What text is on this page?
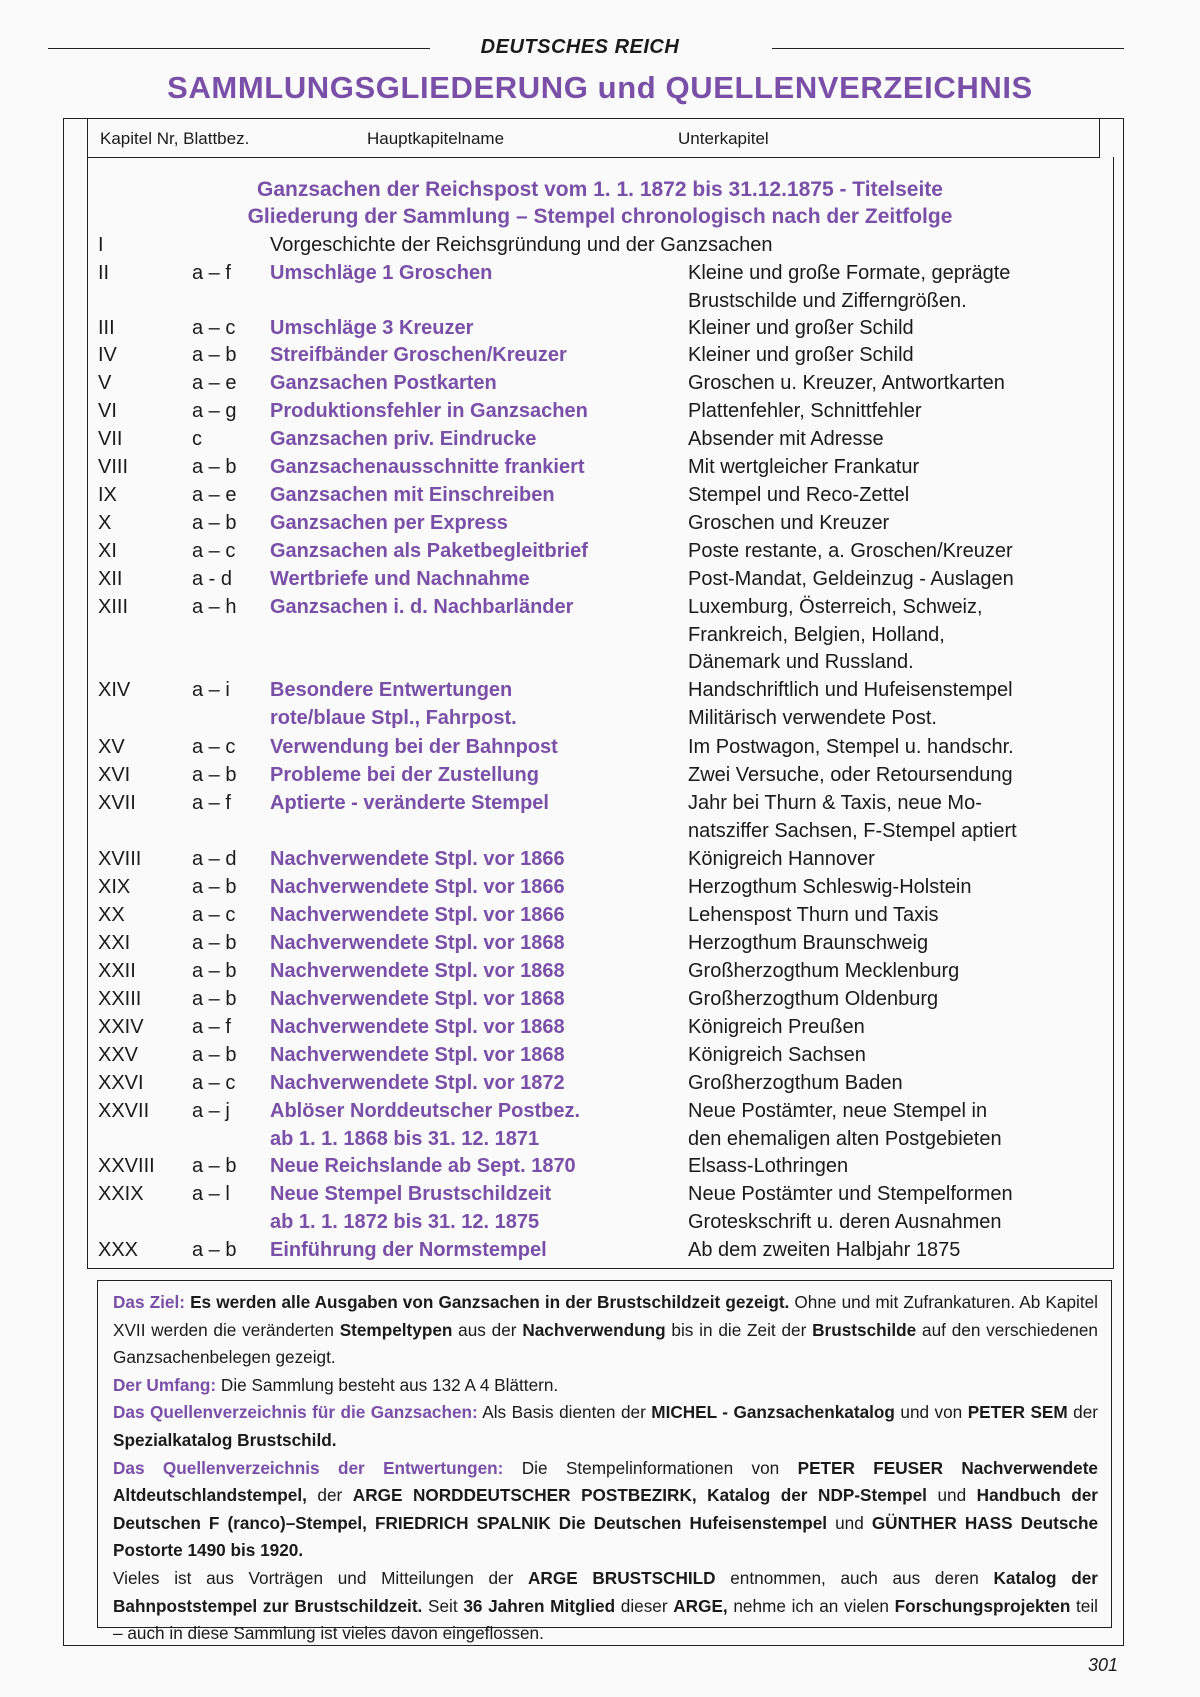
DEUTSCHES REICH
SAMMLUNGSGLIEDERUNG und QUELLENVERZEICHNIS
Kapitel Nr, Blattbez.	Hauptkapitelname	Unterkapitel
Ganzsachen der Reichspost vom 1. 1. 1872 bis 31.12.1875 - Titelseite
Gliederung der Sammlung – Stempel chronologisch nach der Zeitfolge
I	Vorgeschichte der Reichsgründung und der Ganzsachen
II	a – f Umschläge 1 Groschen	Kleine und große Formate, geprägte
Brustschilde und Zifferngrößen.
III	a – c Umschläge 3 Kreuzer	Kleiner und großer Schild
IV	a – b Streifbänder Groschen/Kreuzer	Kleiner und großer Schild
V	a – e Ganzsachen Postkarten	Groschen u. Kreuzer, Antwortkarten
VI	a – g Produktionsfehler in Ganzsachen	Plattenfehler, Schnittfehler
VII	c	Ganzsachen priv. Eindrucke	Absender mit Adresse
VIII	a – b Ganzsachenausschnitte frankiert	Mit wertgleicher Frankatur
IX	a – e Ganzsachen mit Einschreiben	Stempel und Reco-Zettel
X	a – b Ganzsachen per Express	Groschen und Kreuzer
XI	a – c Ganzsachen als Paketbegleitbrief	Poste restante, a. Groschen/Kreuzer
XII	a - d Wertbriefe und Nachnahme	Post-Mandat, Geldeinzug - Auslagen
XIII	a – h Ganzsachen i. d. Nachbarländer	Luxemburg, Österreich, Schweiz,
Frankreich, Belgien, Holland,
Dänemark und Russland.
XIV	a – i Besondere Entwertungen	Handschriftlich und Hufeisenstempel
rote/blaue Stpl., Fahrpost.	Militärisch verwendete Post.
XV	a – c Verwendung bei der Bahnpost	Im Postwagon, Stempel u. handschr.
XVI	a – b Probleme bei der Zustellung	Zwei Versuche, oder Retoursendung
XVII	a – f Aptierte - veränderte Stempel	Jahr bei Thurn & Taxis, neue Mo-
natsziffer Sachsen, F-Stempel aptiert
XVIII	a – d Nachverwendete Stpl. vor 1866	Königreich Hannover
XIX	a – b Nachverwendete Stpl. vor 1866	Herzogthum Schleswig-Holstein
XX	a – c Nachverwendete Stpl. vor 1866	Lehenspost Thurn und Taxis
XXI	a – b Nachverwendete Stpl. vor 1868	Herzogthum Braunschweig
XXII	a – b Nachverwendete Stpl. vor 1868	Großherzogthum Mecklenburg
XXIII	a – b Nachverwendete Stpl. vor 1868	Großherzogthum Oldenburg
XXIV a – f Nachverwendete Stpl. vor 1868	Königreich Preußen
XXV	a – b Nachverwendete Stpl. vor 1868	Königreich Sachsen
XXVI a – c Nachverwendete Stpl. vor 1872	Großherzogthum Baden
XXVII a – j Ablöser Norddeutscher Postbez.	Neue Postämter, neue Stempel in
ab 1. 1. 1868 bis 31. 12. 1871	den ehemaligen alten Postgebieten
XXVIII a – b Neue Reichslande ab Sept. 1870	Elsass-Lothringen
XXIX a – l Neue Stempel Brustschildzeit	Neue Postämter und Stempelformen
ab 1. 1. 1872 bis 31. 12. 1875	Groteskschrift u. deren Ausnahmen
XXX	a – b Einführung der Normstempel	Ab dem zweiten Halbjahr 1875
Das Ziel: Es werden alle Ausgaben von Ganzsachen in der Brustschildzeit gezeigt. Ohne und mit Zufrankaturen. Ab Kapitel XVII werden die veränderten Stempeltypen aus der Nachverwendung bis in die Zeit der Brustschilde auf den verschiedenen Ganzsachenbelegen gezeigt.
Der Umfang: Die Sammlung besteht aus 132 A 4 Blättern.
Das Quellenverzeichnis für die Ganzsachen: Als Basis dienten der MICHEL - Ganzsachenkatalog und von PETER SEM der Spezialkatalog Brustschild.
Das Quellenverzeichnis der Entwertungen: Die Stempelinformationen von PETER FEUSER Nachverwendete Altdeutschlandstempel, der ARGE NORDDEUTSCHER POSTBEZIRK, Katalog der NDP-Stempel und Handbuch der Deutschen F (ranco)–Stempel, FRIEDRICH SPALNIK Die Deutschen Hufeisenstempel und GÜNTHER HASS Deutsche Postorte 1490 bis 1920.
Vieles ist aus Vorträgen und Mitteilungen der ARGE BRUSTSCHILD entnommen, auch aus deren Katalog der Bahnpoststempel zur Brustschildzeit. Seit 36 Jahren Mitglied dieser ARGE, nehme ich an vielen Forschungsprojekten teil – auch in diese Sammlung ist vieles davon eingeflossen.
301
